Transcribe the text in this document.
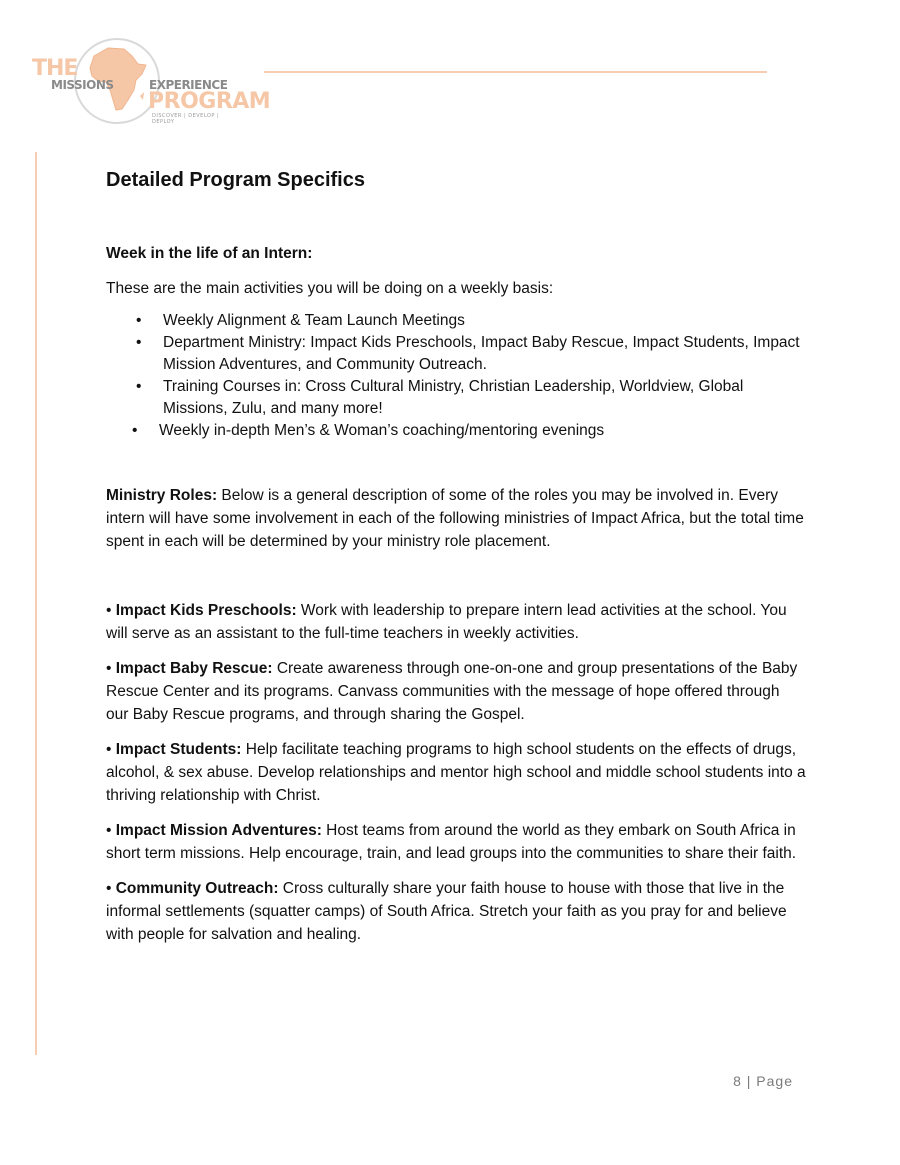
THE
MISSIONS	EXPERIENCE
PROGRAM
DISCOVER | DEVELOP | DEPLOY
Detailed Program Specifics

Week in the life of an Intern:

These are the main activities you will be doing on a weekly basis:

• Weekly Alignment & Team Launch Meetings
• Department Ministry: Impact Kids Preschools, Impact Baby Rescue, Impact Students, Impact Mission Adventures, and Community Outreach.
• Training Courses in: Cross Cultural Ministry, Christian Leadership, Worldview, Global Missions, Zulu, and many more!
• Weekly in-depth Men’s & Woman’s coaching/mentoring evenings

Ministry Roles: Below is a general description of some of the roles you may be involved in. Every intern will have some involvement in each of the following ministries of Impact Africa, but the total time spent in each will be determined by your ministry role placement.

• Impact Kids Preschools: Work with leadership to prepare intern lead activities at the school. You will serve as an assistant to the full-time teachers in weekly activities.

• Impact Baby Rescue: Create awareness through one-on-one and group presentations of the Baby Rescue Center and its programs. Canvass communities with the message of hope offered through our Baby Rescue programs, and through sharing the Gospel.

• Impact Students: Help facilitate teaching programs to high school students on the effects of drugs, alcohol, & sex abuse. Develop relationships and mentor high school and middle school students into a thriving relationship with Christ.

• Impact Mission Adventures: Host teams from around the world as they embark on South Africa in short term missions. Help encourage, train, and lead groups into the communities to share their faith.

• Community Outreach: Cross culturally share your faith house to house with those that live in the informal settlements (squatter camps) of South Africa. Stretch your faith as you pray for and believe with people for salvation and healing.

8 | Page
